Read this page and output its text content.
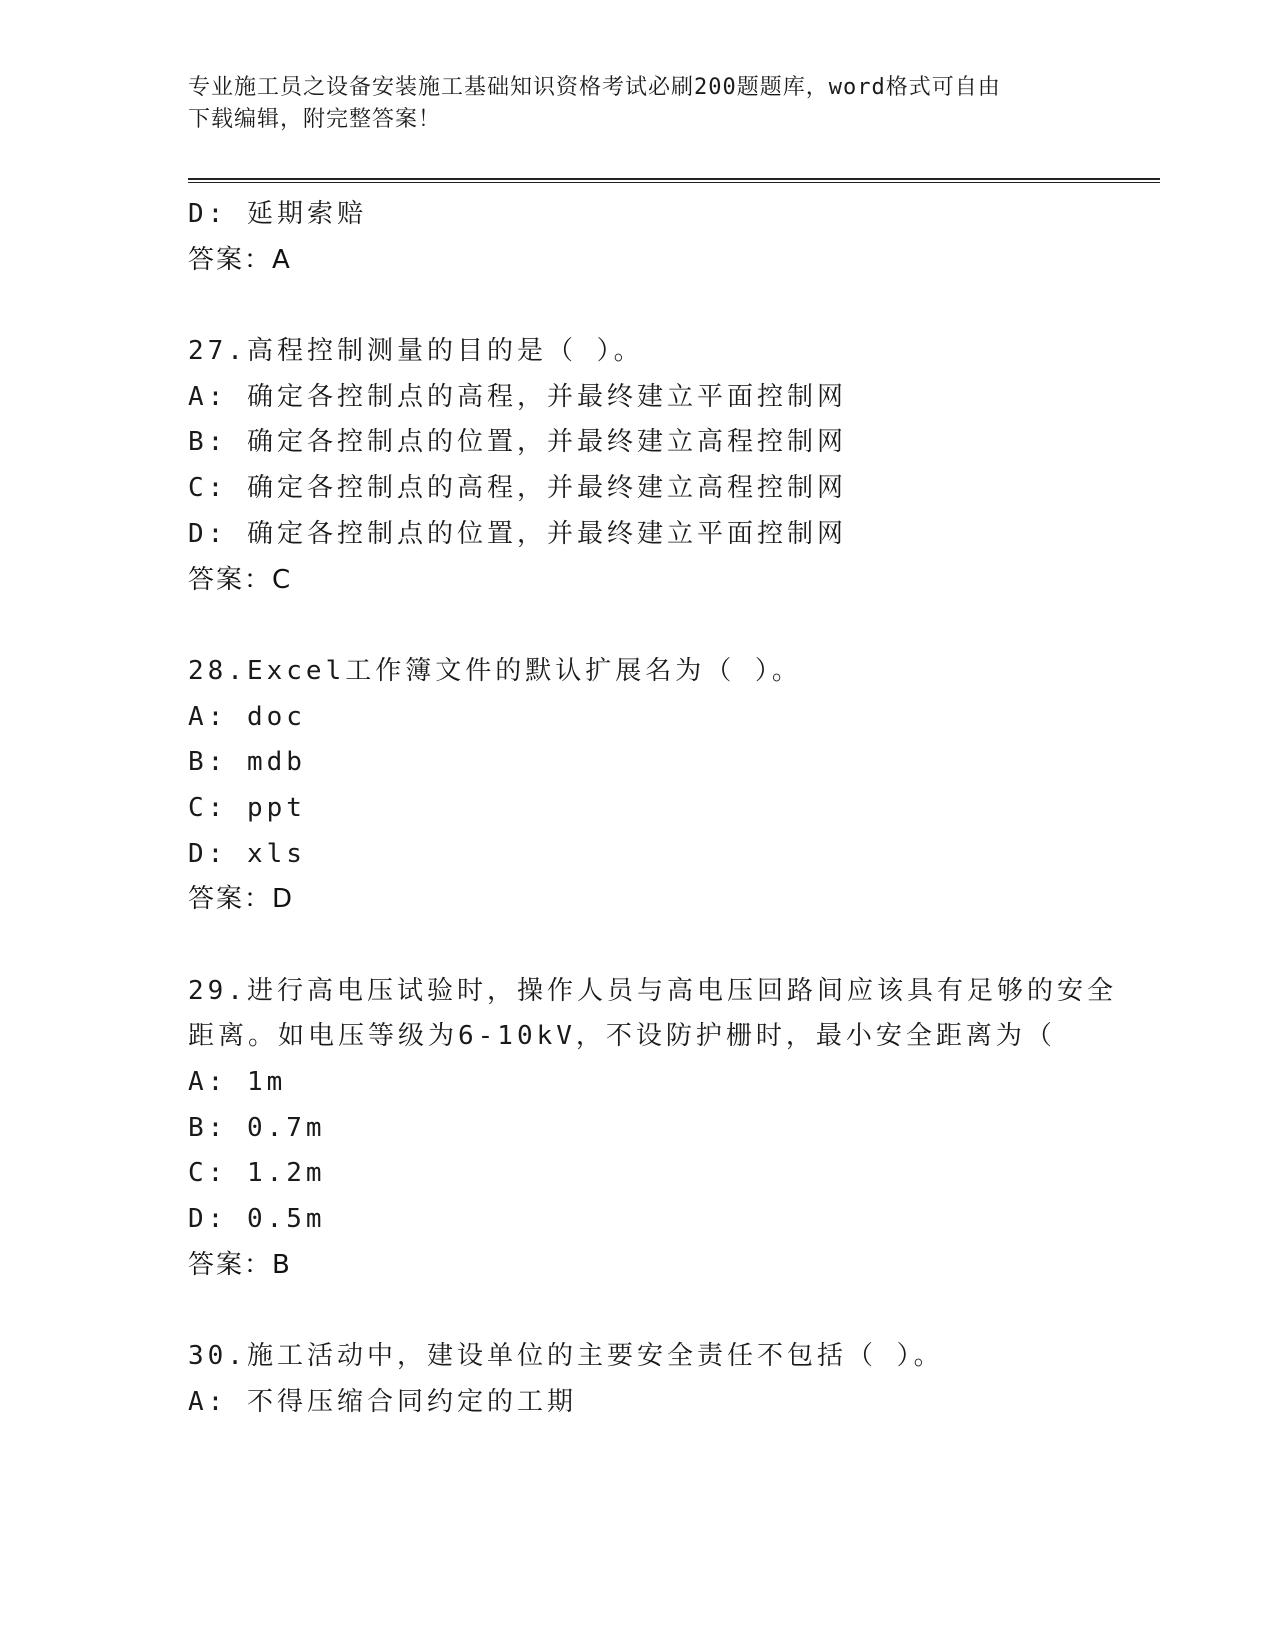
专业施工员之设备安装施工基础知识资格考试必刷200题题库，word格式可自由
下载编辑，附完整答案！
D: 延期索赔
答案：A
27.高程控制测量的目的是（ ）。
A: 确定各控制点的高程，并最终建立平面控制网
B: 确定各控制点的位置，并最终建立高程控制网
C: 确定各控制点的高程，并最终建立高程控制网
D: 确定各控制点的位置，并最终建立平面控制网
答案：C
28.Excel工作簿文件的默认扩展名为（ ）。
A: doc
B: mdb
C: ppt
D: xls
答案：D
29.进行高电压试验时，操作人员与高电压回路间应该具有足够的安全
距离。如电压等级为6-10kV，不设防护栅时，最小安全距离为（
A: 1m
B: 0.7m
C: 1.2m
D: 0.5m
答案：B
30.施工活动中，建设单位的主要安全责任不包括（ ）。
A: 不得压缩合同约定的工期
